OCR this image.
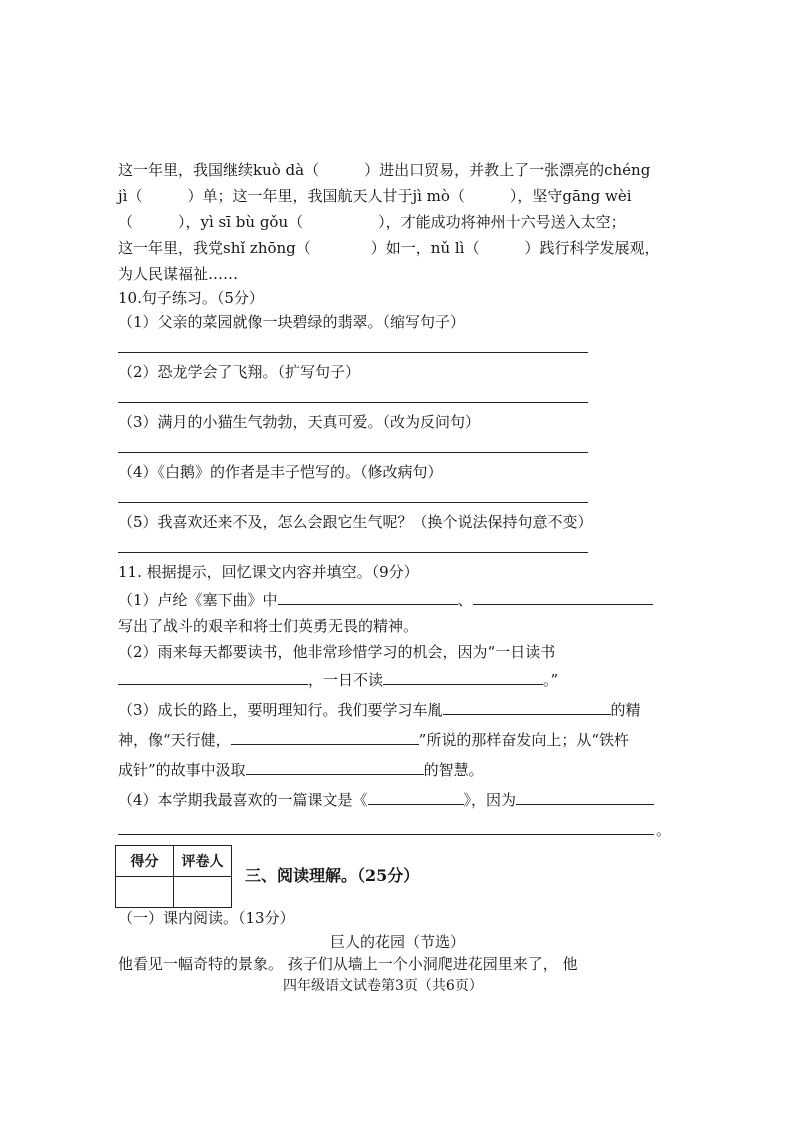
这一年里，我国继续kuò dà（　　　）进出口贸易，并教上了一张漂亮的chéng
jì（　　　）单；这一年里，我国航天人甘于jì mò（　　　），坚守gāng wèi
（　　　），yì sī bù gǒu（　　　　　），才能成功将神州十六号送入太空；
这一年里，我党shǐ zhōng（　　　　）如一，nǔ lì（　　　）践行科学发展观，
为人民谋福祉……
10.句子练习。（5分）
（1）父亲的菜园就像一块碧绿的翡翠。（缩写句子）
（2）恐龙学会了飞翔。（扩写句子）
（3）满月的小猫生气勃勃，天真可爱。（改为反问句）
（4）《白鹅》的作者是丰子恺写的。（修改病句）
（5）我喜欢还来不及，怎么会跟它生气呢？（换个说法保持句意不变）
11. 根据提示，回忆课文内容并填空。（9分）
（1）卢纶《塞下曲》中	、
写出了战斗的艰辛和将士们英勇无畏的精神。
（2）雨来每天都要读书，他非常珍惜学习的机会，因为“一日读书
，一日不读	。”
（3）成长的路上，要明理知行。我们要学习车胤	的精
神，像“天行健，	”所说的那样奋发向上；从“铁杵
成针”的故事中汲取	的智慧。
（4）本学期我最喜欢的一篇课文是《	》，因为
。
得分	评卷人

三、阅读理解。（25分）
（一）课内阅读。（13分）
巨人的花园（节选）
他看见一幅奇特的景象。 孩子们从墙上一个小洞爬进花园里来了， 他
四年级语文试卷第3页（共6页）
